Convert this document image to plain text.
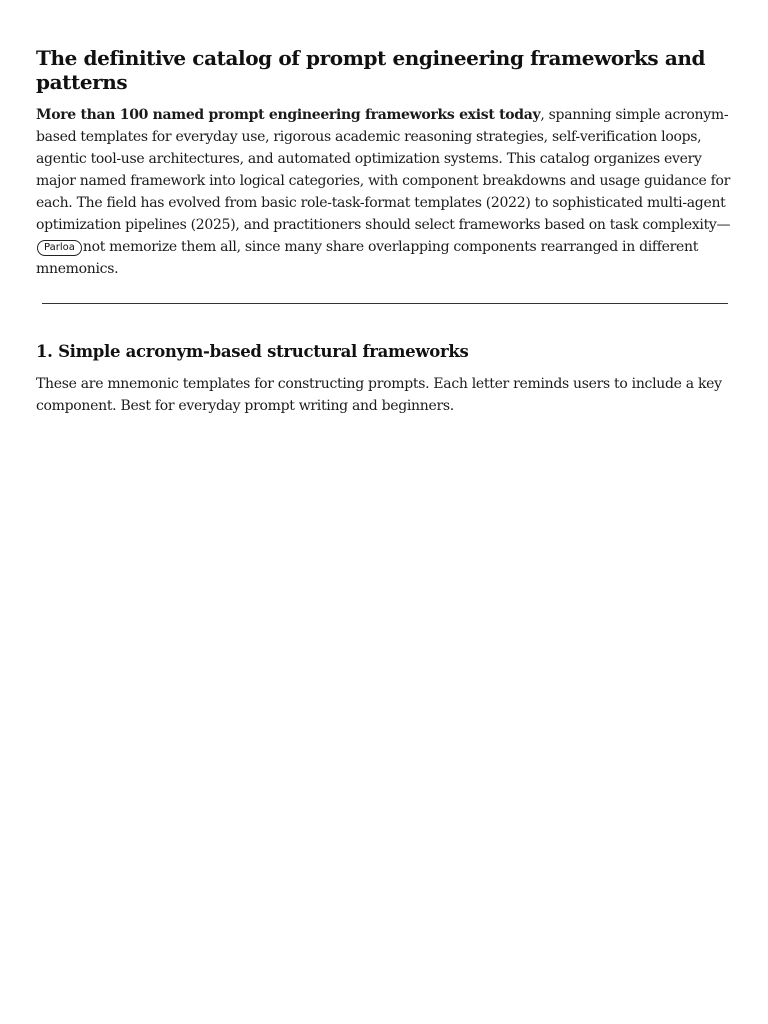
The definitive catalog of prompt engineering frameworks and patterns

More than 100 named prompt engineering frameworks exist today, spanning simple acronym-based templates for everyday use, rigorous academic reasoning strategies, self-verification loops, agentic tool-use architectures, and automated optimization systems. This catalog organizes every major named framework into logical categories, with component breakdowns and usage guidance for each. The field has evolved from basic role-task-format templates (2022) to sophisticated multi-agent optimization pipelines (2025), and practitioners should select frameworks based on task complexity—Parloa not memorize them all, since many share overlapping components rearranged in different mnemonics.

1. Simple acronym-based structural frameworks

These are mnemonic templates for constructing prompts. Each letter reminds users to include a key component. Best for everyday prompt writing and beginners.
